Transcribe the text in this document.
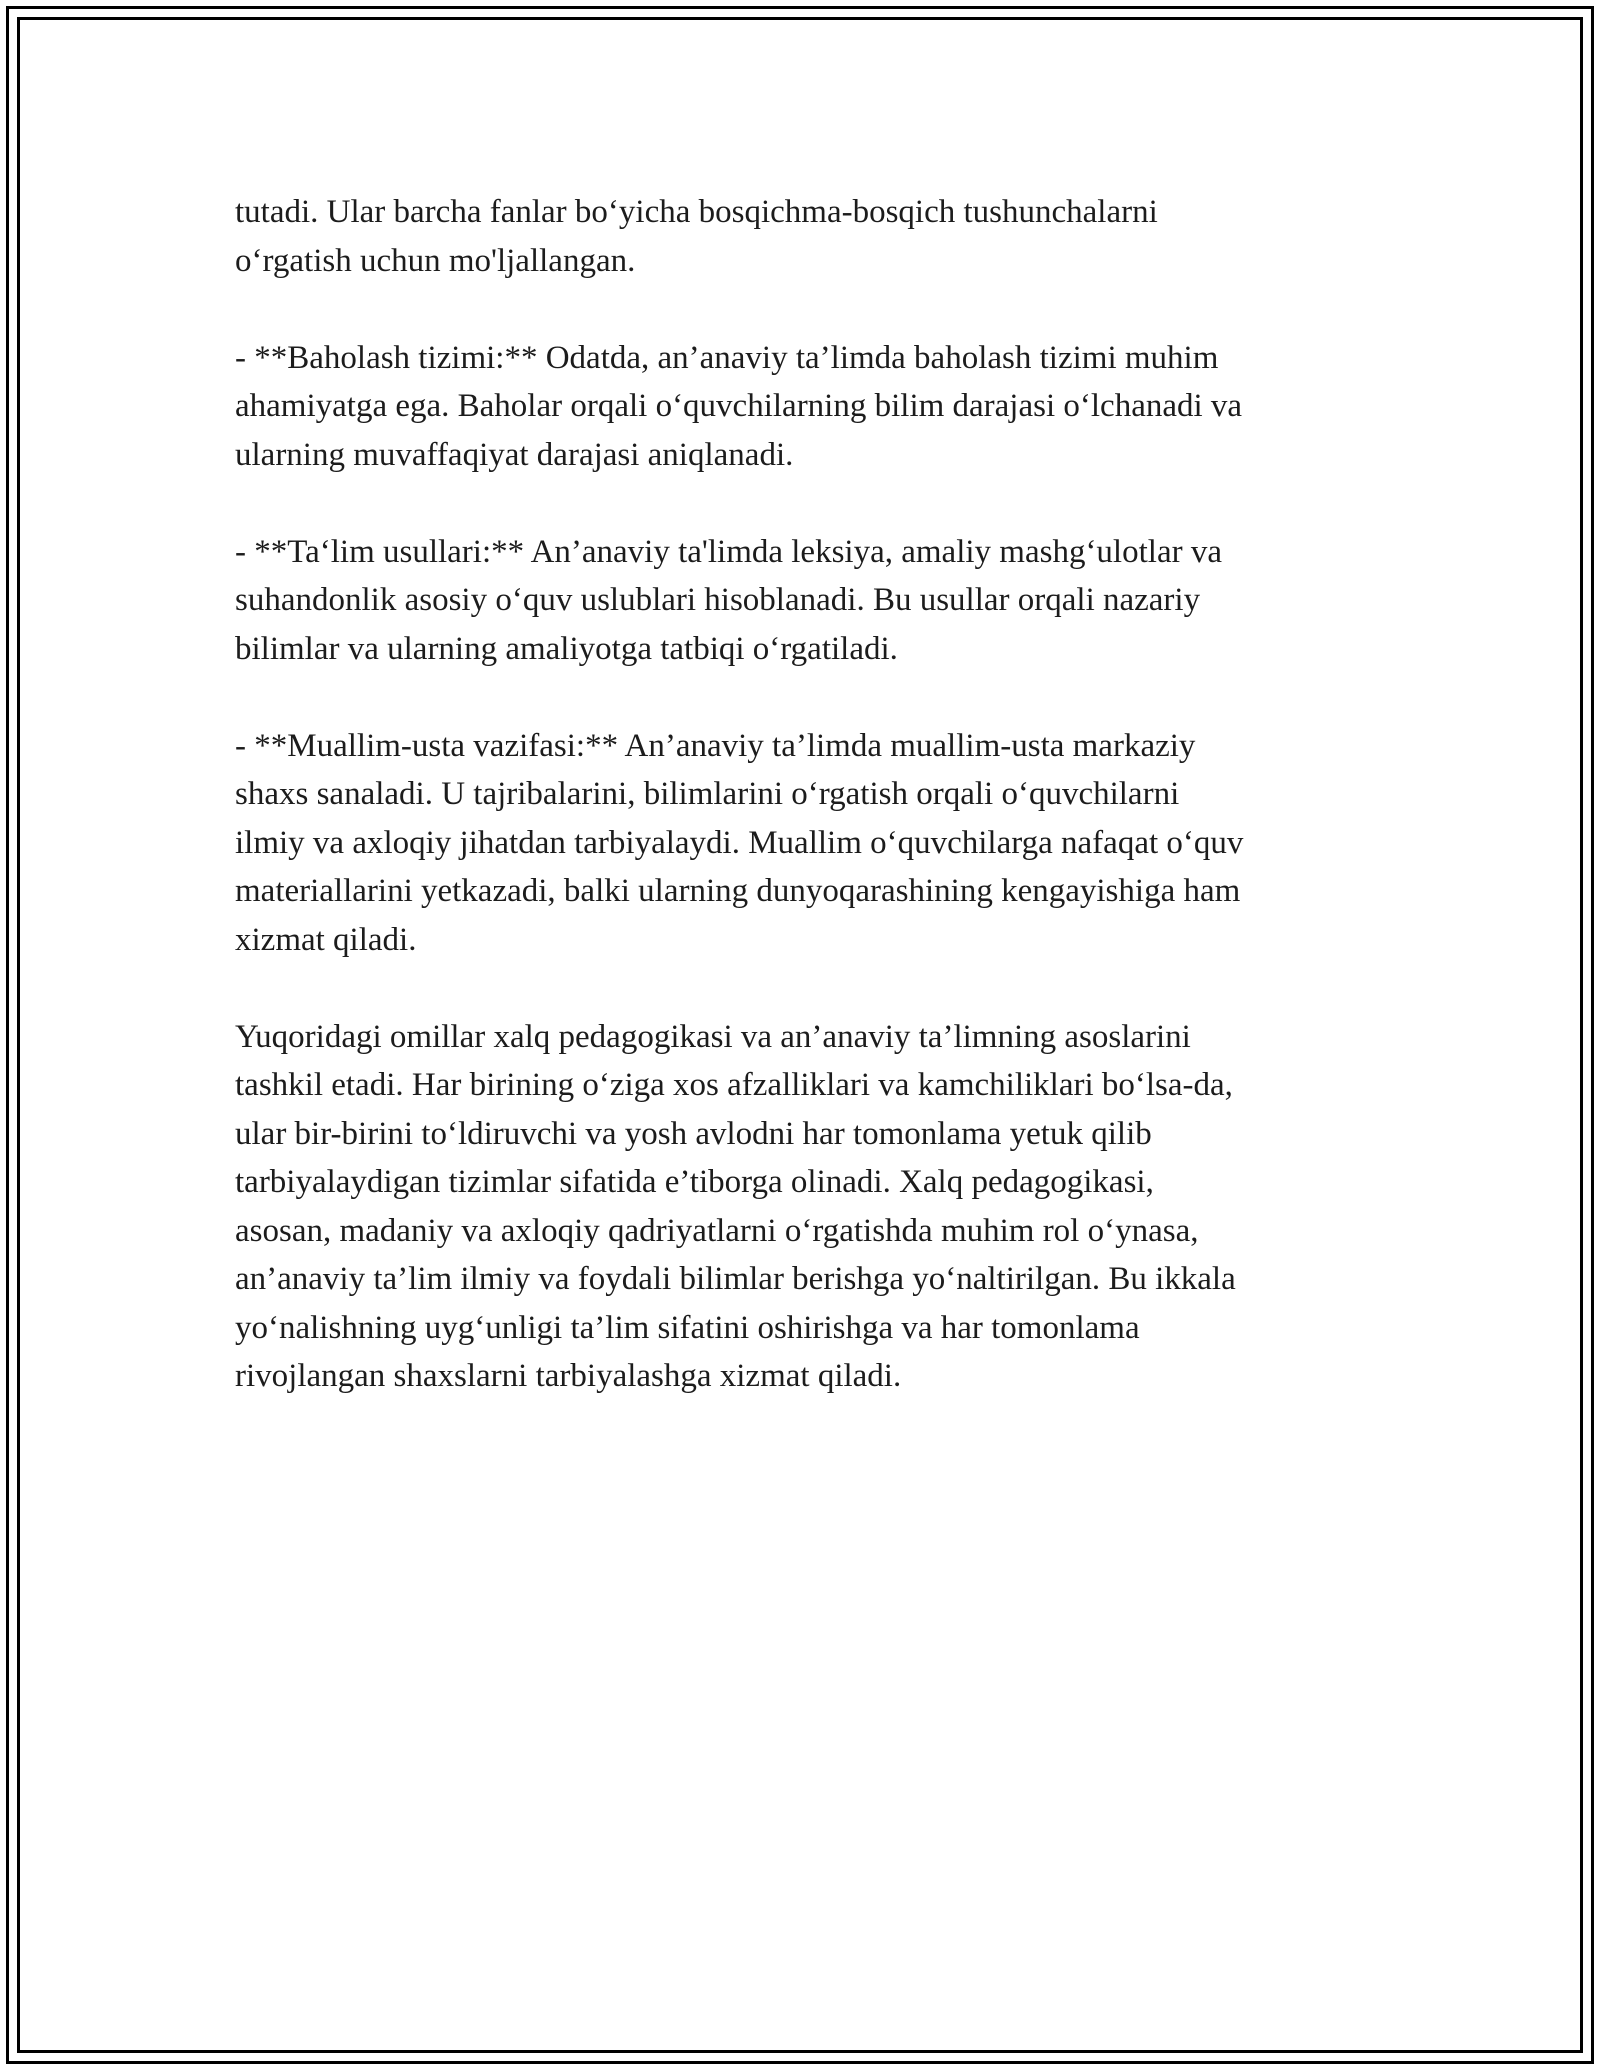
tutadi. Ular barcha fanlar bo‘yicha bosqichma-bosqich tushunchalarni
o‘rgatish uchun mo'ljallangan.

- **Baholash tizimi:** Odatda, an’anaviy ta’limda baholash tizimi muhim
ahamiyatga ega. Baholar orqali o‘quvchilarning bilim darajasi o‘lchanadi va
ularning muvaffaqiyat darajasi aniqlanadi.

- **Ta‘lim usullari:** An’anaviy ta'limda leksiya, amaliy mashg‘ulotlar va
suhandonlik asosiy o‘quv uslublari hisoblanadi. Bu usullar orqali nazariy
bilimlar va ularning amaliyotga tatbiqi o‘rgatiladi.

- **Muallim-usta vazifasi:** An’anaviy ta’limda muallim-usta markaziy
shaxs sanaladi. U tajribalarini, bilimlarini o‘rgatish orqali o‘quvchilarni
ilmiy va axloqiy jihatdan tarbiyalaydi. Muallim o‘quvchilarga nafaqat o‘quv
materiallarini yetkazadi, balki ularning dunyoqarashining kengayishiga ham
xizmat qiladi.

Yuqoridagi omillar xalq pedagogikasi va an’anaviy ta’limning asoslarini
tashkil etadi. Har birining o‘ziga xos afzalliklari va kamchiliklari bo‘lsa-da,
ular bir-birini to‘ldiruvchi va yosh avlodni har tomonlama yetuk qilib
tarbiyalaydigan tizimlar sifatida e’tiborga olinadi. Xalq pedagogikasi,
asosan, madaniy va axloqiy qadriyatlarni o‘rgatishda muhim rol o‘ynasa,
an’anaviy ta’lim ilmiy va foydali bilimlar berishga yo‘naltirilgan. Bu ikkala
yo‘nalishning uyg‘unligi ta’lim sifatini oshirishga va har tomonlama
rivojlangan shaxslarni tarbiyalashga xizmat qiladi.
